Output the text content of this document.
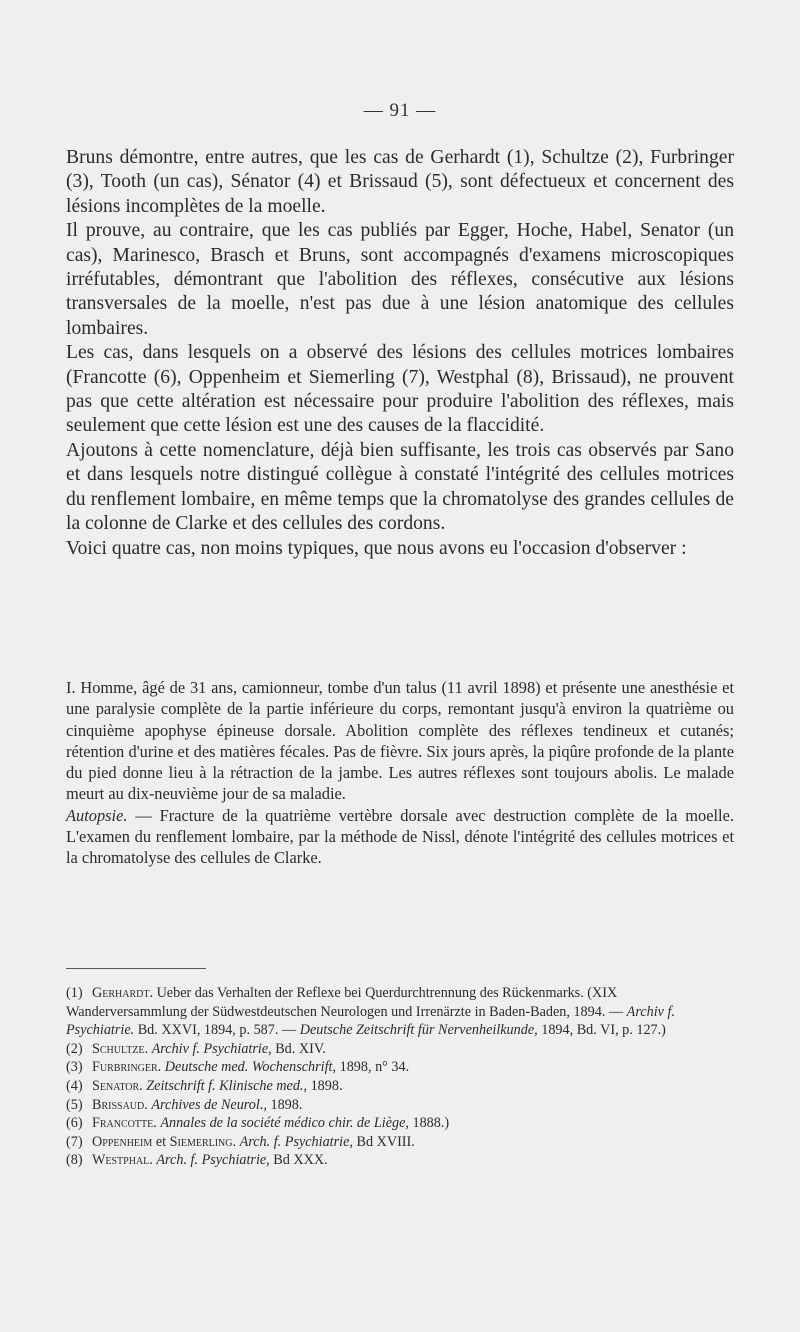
— 91 —

Bruns démontre, entre autres, que les cas de Gerhardt (1), Schultze (2), Furbringer (3), Tooth (un cas), Sénator (4) et Brissaud (5), sont défectueux et concernent des lésions incomplètes de la moelle.

Il prouve, au contraire, que les cas publiés par Egger, Hoche, Habel, Senator (un cas), Marinesco, Brasch et Bruns, sont accompagnés d'examens microscopiques irréfutables, démontrant que l'abolition des réflexes, consécutive aux lésions transversales de la moelle, n'est pas due à une lésion anatomique des cellules lombaires.

Les cas, dans lesquels on a observé des lésions des cellules motrices lombaires (Francotte (6), Oppenheim et Siemerling (7), Westphal (8), Brissaud), ne prouvent pas que cette altération est nécessaire pour produire l'abolition des réflexes, mais seulement que cette lésion est une des causes de la flaccidité.

Ajoutons à cette nomenclature, déjà bien suffisante, les trois cas observés par Sano et dans lesquels notre distingué collègue à constaté l'intégrité des cellules motrices du renflement lombaire, en même temps que la chromatolyse des grandes cellules de la colonne de Clarke et des cellules des cordons.

Voici quatre cas, non moins typiques, que nous avons eu l'occasion d'observer :

I. Homme, âgé de 31 ans, camionneur, tombe d'un talus (11 avril 1898) et présente une anesthésie et une paralysie complète de la partie inférieure du corps, remontant jusqu'à environ la quatrième ou cinquième apophyse épineuse dorsale. Abolition complète des réflexes tendineux et cutanés; rétention d'urine et des matières fécales. Pas de fièvre. Six jours après, la piqûre profonde de la plante du pied donne lieu à la rétraction de la jambe. Les autres réflexes sont toujours abolis. Le malade meurt au dix-neuvième jour de sa maladie.

Autopsie. — Fracture de la quatrième vertèbre dorsale avec destruction complète de la moelle. L'examen du renflement lombaire, par la méthode de Nissl, dénote l'intégrité des cellules motrices et la chromatolyse des cellules de Clarke.

(1) Gerhardt. Ueber das Verhalten der Reflexe bei Querdurchtrennung des Rückenmarks. (XIX Wanderversammlung der Südwestdeutschen Neurologen und Irrenärzte in Baden-Baden, 1894. — Archiv f. Psychiatrie. Bd. XXVI, 1894, p. 587. — Deutsche Zeitschrift für Nervenheilkunde, 1894, Bd. VI, p. 127.)

(2) Schultze. Archiv f. Psychiatrie, Bd. XIV.

(3) Furbringer. Deutsche med. Wochenschrift, 1898, n° 34.

(4) Senator. Zeitschrift f. Klinische med., 1898.

(5) Brissaud. Archives de Neurol., 1898.

(6) Francotte. Annales de la société médico chir. de Liège, 1888.)

(7) Oppenheim et Siemerling. Arch. f. Psychiatrie, Bd XVIII.

(8) Westphal. Arch. f. Psychiatrie, Bd XXX.
